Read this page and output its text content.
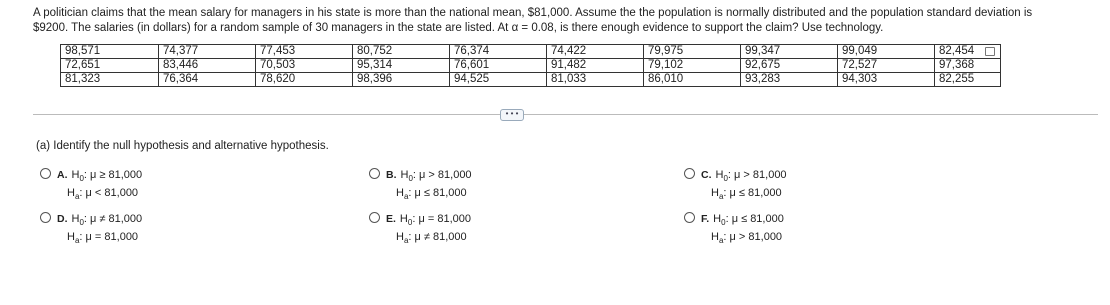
A politician claims that the mean salary for managers in his state is more than the national mean, $81,000. Assume the the population is normally distributed and the population standard deviation is

$9200. The salaries (in dollars) for a random sample of 30 managers in the state are listed. At α = 0.08, is there enough evidence to support the claim? Use technology.

98,571	74,377	77,453	80,752	76,374	74,422	79,975	99,347	99,049	82,454
72,651	83,446	70,503	95,314	76,601	91,482	79,102	92,675	72,527	97,368
81,323	76,364	78,620	98,396	94,525	81,033	86,010	93,283	94,303	82,255
• • •
(a) Identify the null hypothesis and alternative hypothesis.
A. $H_0$: μ ≥ 81,000
$H_a$: μ < 81,000
B. $H_0$: μ > 81,000
$H_a$: μ ≤ 81,000
C. $H_0$: μ > 81,000
$H_a$: μ ≤ 81,000
D. $H_0$: μ ≠ 81,000
$H_a$: μ = 81,000
E. $H_0$: μ = 81,000
$H_a$: μ ≠ 81,000
F. $H_0$: μ ≤ 81,000
$H_a$: μ > 81,000
